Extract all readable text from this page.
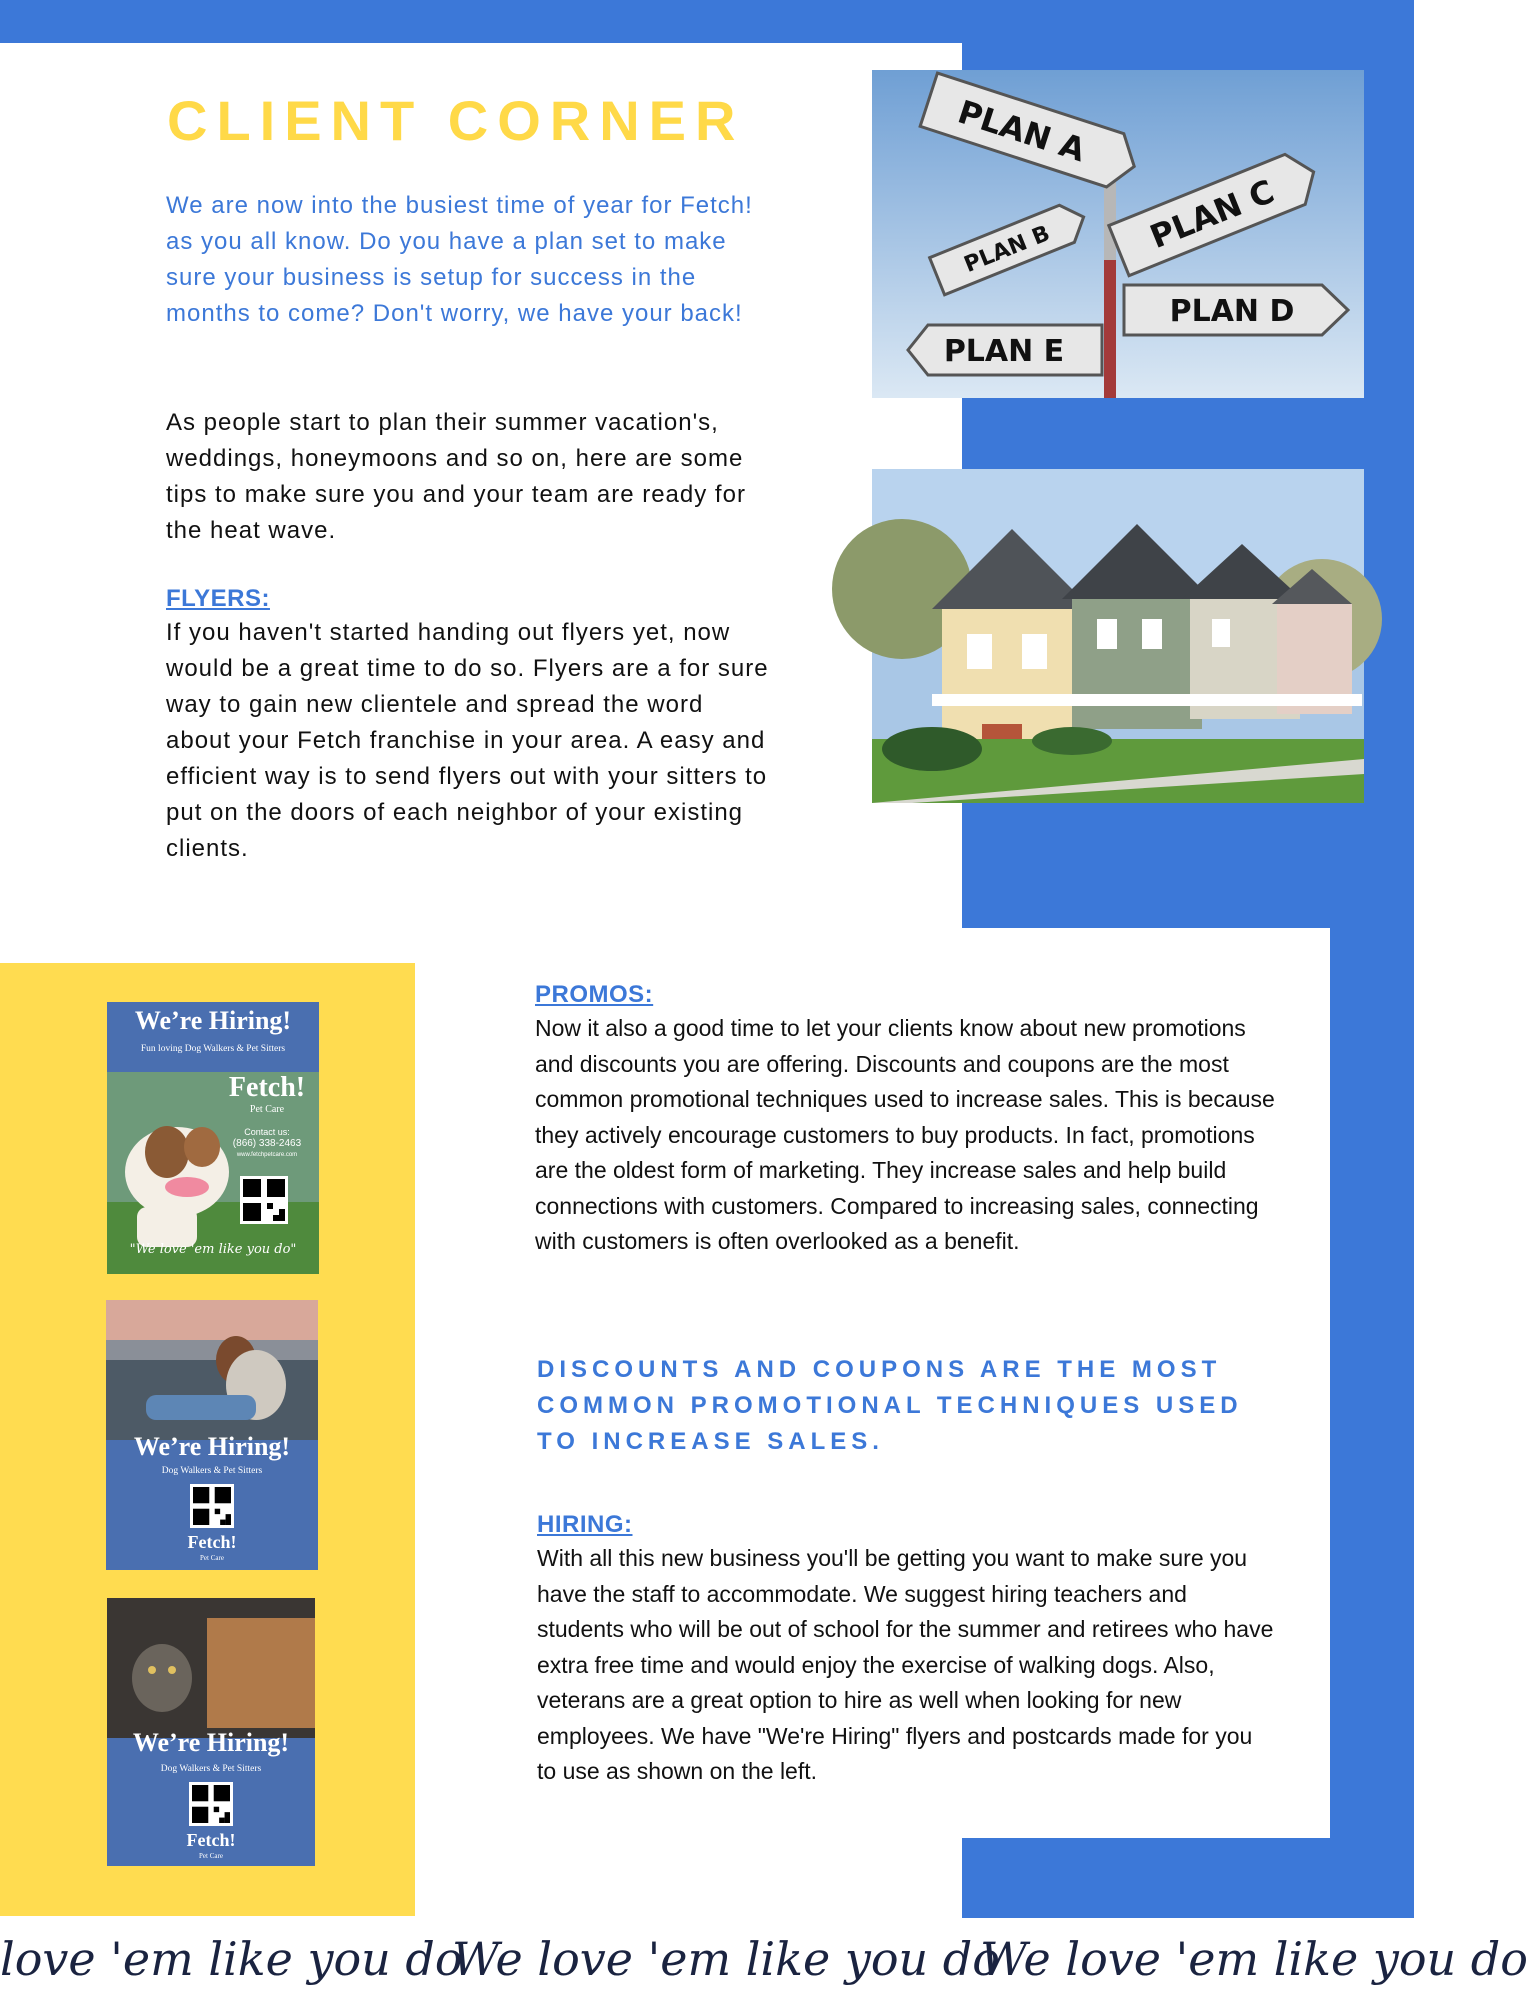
CLIENT CORNER

We are now into the busiest time of year for Fetch! as you all know. Do you have a plan set to make sure your business is setup for success in the months to come? Don't worry, we have your back!

As people start to plan their summer vacation's, weddings, honeymoons and so on, here are some tips to make sure you and your team are ready for the heat wave.

FLYERS:

If you haven't started handing out flyers yet, now would be a great time to do so. Flyers are a for sure way to gain new clientele and spread the word about your Fetch franchise in your area. A easy and efficient way is to send flyers out with your sitters to put on the doors of each neighbor of your existing clients.

PLAN A
PLAN B	PLAN C
PLAN D
PLAN E

We’re Hiring!

Fun loving Dog Walkers & Pet Sitters

Fetch!

Pet Care

Contact us:

(866) 338-2463

www.fetchpetcare.com

"We love 'em like you do"

We’re Hiring!

Dog Walkers & Pet Sitters

Fetch!

Pet Care

We’re Hiring!

Dog Walkers & Pet Sitters

Fetch!

Pet Care

PROMOS:

Now it also a good time to let your clients know about new promotions and discounts you are offering. Discounts and coupons are the most common promotional techniques used to increase sales. This is because they actively encourage customers to buy products. In fact, promotions are the oldest form of marketing. They increase sales and help build connections with customers. Compared to increasing sales, connecting with customers is often overlooked as a benefit.

DISCOUNTS AND COUPONS ARE THE MOST COMMON PROMOTIONAL TECHNIQUES USED TO INCREASE SALES.

HIRING:

With all this new business you'll be getting you want to make sure you have the staff to accommodate. We suggest hiring teachers and students who will be out of school for the summer and retirees who have extra free time and would enjoy the exercise of walking dogs. Also, veterans are a great option to hire as well when looking for new employees. We have "We're Hiring" flyers and postcards made for you to use as shown on the left.

love 'em like you do
We love 'em like you do
We love 'em like you do
